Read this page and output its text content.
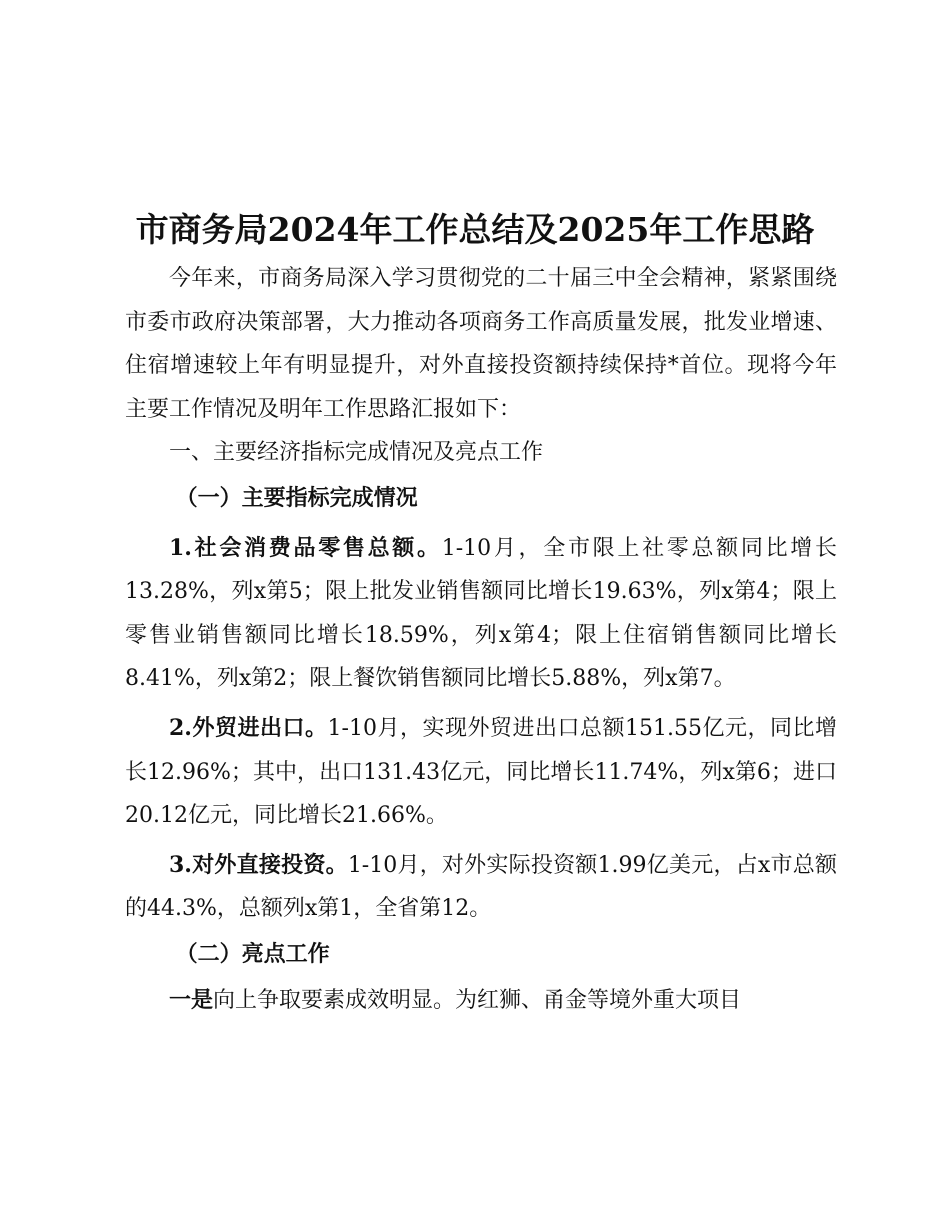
市商务局2024年工作总结及2025年工作思路

今年来，市商务局深入学习贯彻党的二十届三中全会精神，紧紧围绕市委市政府决策部署，大力推动各项商务工作高质量发展，批发业增速、住宿增速较上年有明显提升，对外直接投资额持续保持*首位。现将今年主要工作情况及明年工作思路汇报如下：

一、主要经济指标完成情况及亮点工作

（一）主要指标完成情况

1.社会消费品零售总额。1-10月，全市限上社零总额同比增长13.28%，列x第5；限上批发业销售额同比增长19.63%，列x第4；限上零售业销售额同比增长18.59%，列x第4；限上住宿销售额同比增长8.41%，列x第2；限上餐饮销售额同比增长5.88%，列x第7。

2.外贸进出口。1-10月，实现外贸进出口总额151.55亿元，同比增长12.96%；其中，出口131.43亿元，同比增长11.74%，列x第6；进口20.12亿元，同比增长21.66%。

3.对外直接投资。1-10月，对外实际投资额1.99亿美元，占x市总额的44.3%，总额列x第1，全省第12。

（二）亮点工作

一是向上争取要素成效明显。为红狮、甬金等境外重大项目
